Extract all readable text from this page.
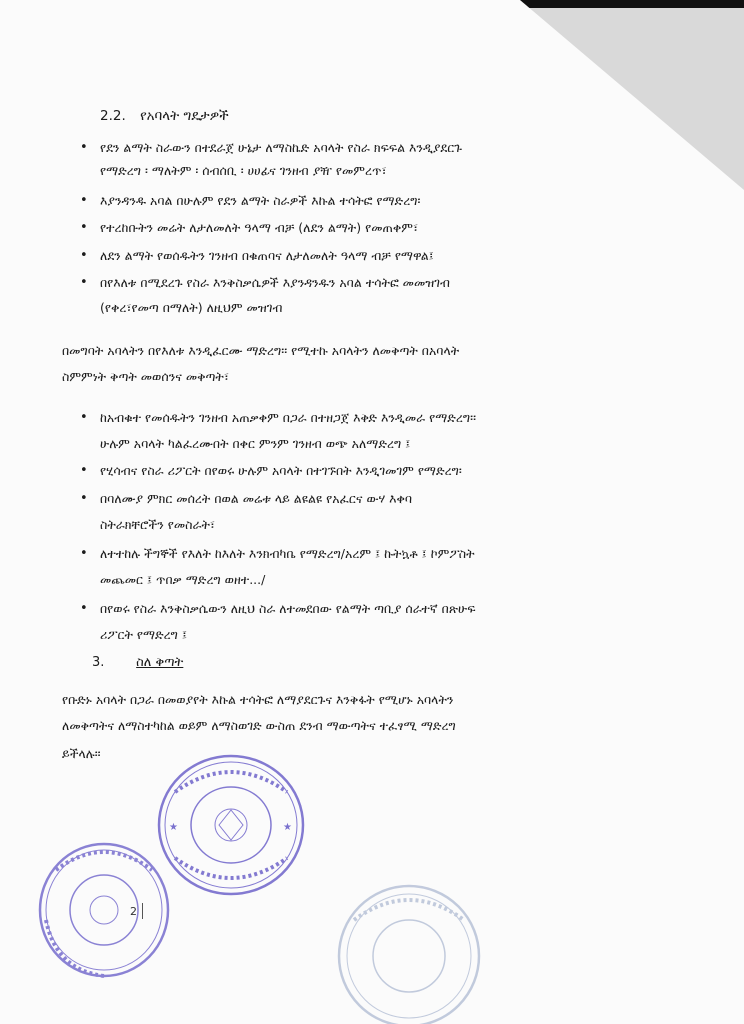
2.2. የአባላት ግዴታዎች
• የደን ልማት ስራውን በተደራጀ ሁኔታ ለማስኬድ አባላት የስራ ክፍፍል እንዲያደርጉ
የማድረግ ፡ ማለትም ፡ ሰብሰቢ ፡ ሀሀፊና ገንዘብ ያዥ የመምረጥ፣
• እያንዳንዱ አባል በሁሉም የደን ልማት ስራዎች እኩል ተሳትፎ የማድረግ፡
• የተረከቡትን መሬት ለታለመለት ዓላማ ብቻ (ለደን ልማት) የመጠቀም፣
• ለደን ልማት የወሰዱትን ገንዘብ በቁጠባና ለታለመለት ዓላማ ብቻ የማዋል፤
• በየእለቱ በሚደረጉ የስራ እንቅስቃሴዎች እያንዳንዱን አባል ተሳትፎ መመዝገብ
(የቀረ፣የመጣ በማለት) ለዚህም መዝገብ
በመግባት አባላትን በየእለቱ እንዲፈርሙ ማድረግ፡፡ የሚተኩ አባላትን ለመቅጣት በአባላት
ስምምነት ቅጣት መወሰንና መቅጣት፣
• ከአብቁተ የመሰዱትን ገንዘብ አጠቃቀም በጋራ በተዘጋጀ እቅድ እንዲመራ የማድረግ፡፡
ሁሉም አባላት ካልፈረሙበት በቀር ምንም ገንዘብ ወጭ አለማድረግ ፤
• የሂሳብና የስራ ሪፖርት በየወሩ ሁሉም አባላት በተገኙበት እንዲገመገም የማድረግ፡
• በባለሙያ ምክር መሰረት በወል መሬቱ ላይ ልዩልዩ የአፈርና ውሃ እቀባ
ስትራክቸሮችን የመስራት፣
• ለተተከሉ ችግኞች የእለት ከእለት እንክብካቤ የማድረግ/አረም ፤ ኩትኳቶ ፤ ኮምፖስት
መጨመር ፤ ጥበቃ ማድረግ ወዘተ.../
• በየወሩ የስራ እንቅስቃሴውን ለዚህ ስራ ለተመደበው የልማት ጣቢያ ሰራተኛ በጽሁፍ
ሪፖርት የማድረግ ፤
3. ስለ ቅጣት
የቡድኑ አባላት በጋራ በመወያየት እኩል ተሳትፎ ለማያደርጉና እንቅፋት የሚሆኑ አባላትን
ለመቅጣትና ለማስተካከል ወይም ለማስወገድ ውስጠ ደንብ ማውጣትና ተፈፃሚ ማድረግ
ይችላሉ፡፡
★	★
2
